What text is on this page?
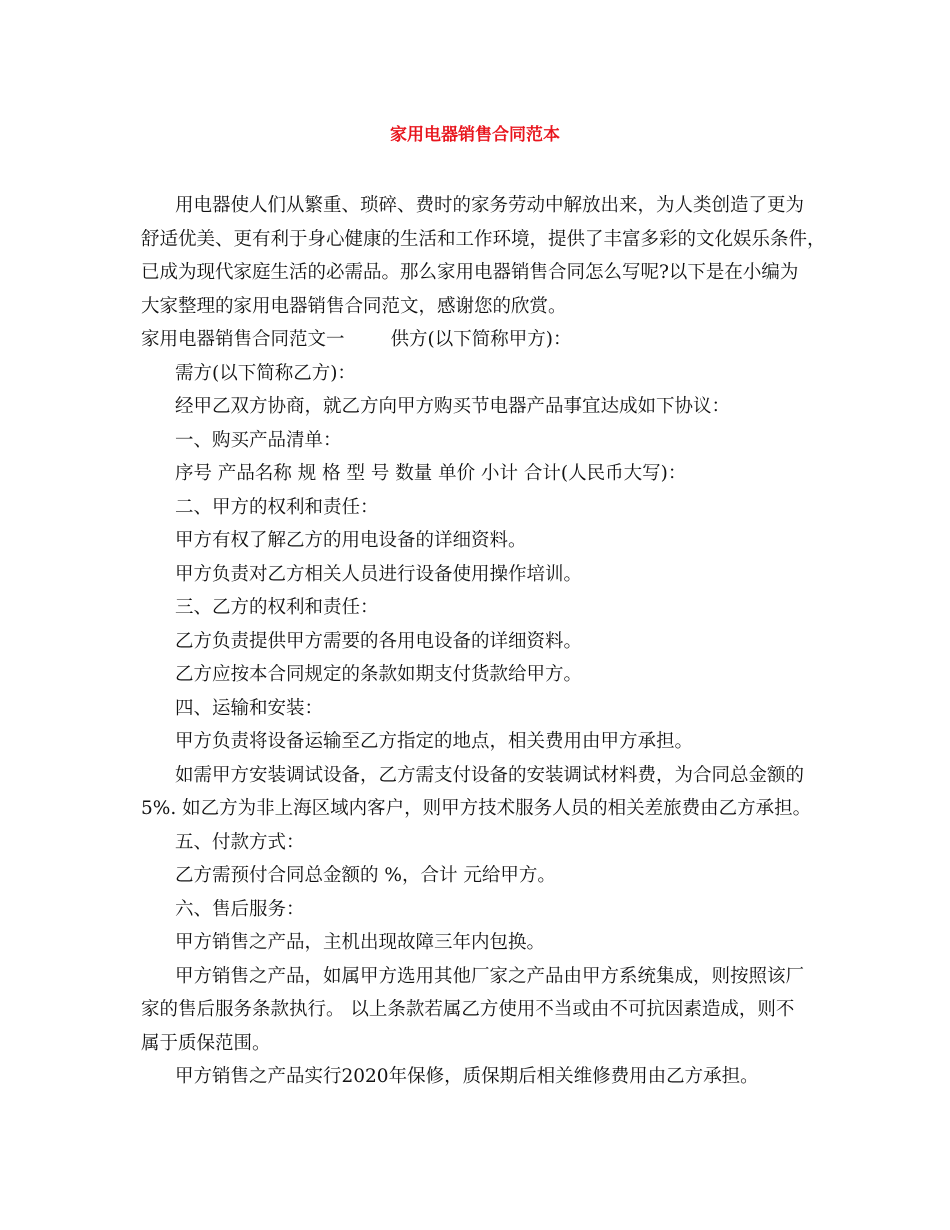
家用电器销售合同范本

用电器使人们从繁重、琐碎、费时的家务劳动中解放出来，为人类创造了更为

舒适优美、更有利于身心健康的生活和工作环境，提供了丰富多彩的文化娱乐条件，

已成为现代家庭生活的必需品。那么家用电器销售合同怎么写呢?以下是在小编为

大家整理的家用电器销售合同范文，感谢您的欣赏。

家用电器销售合同范文一 供方(以下简称甲方)：

需方(以下简称乙方)：

经甲乙双方协商，就乙方向甲方购买节电器产品事宜达成如下协议：

一、购买产品清单：

序号 产品名称 规 格 型 号 数量 单价 小计 合计(人民币大写)：

二、甲方的权利和责任：

甲方有权了解乙方的用电设备的详细资料。

甲方负责对乙方相关人员进行设备使用操作培训。

三、乙方的权利和责任：

乙方负责提供甲方需要的各用电设备的详细资料。

乙方应按本合同规定的条款如期支付货款给甲方。

四、运输和安装：

甲方负责将设备运输至乙方指定的地点，相关费用由甲方承担。

如需甲方安装调试设备，乙方需支付设备的安装调试材料费，为合同总金额的

5%. 如乙方为非上海区域内客户，则甲方技术服务人员的相关差旅费由乙方承担。

五、付款方式：

乙方需预付合同总金额的 %，合计 元给甲方。

六、售后服务：

甲方销售之产品，主机出现故障三年内包换。

甲方销售之产品，如属甲方选用其他厂家之产品由甲方系统集成，则按照该厂

家的售后服务条款执行。 以上条款若属乙方使用不当或由不可抗因素造成，则不

属于质保范围。

甲方销售之产品实行2020年保修，质保期后相关维修费用由乙方承担。
